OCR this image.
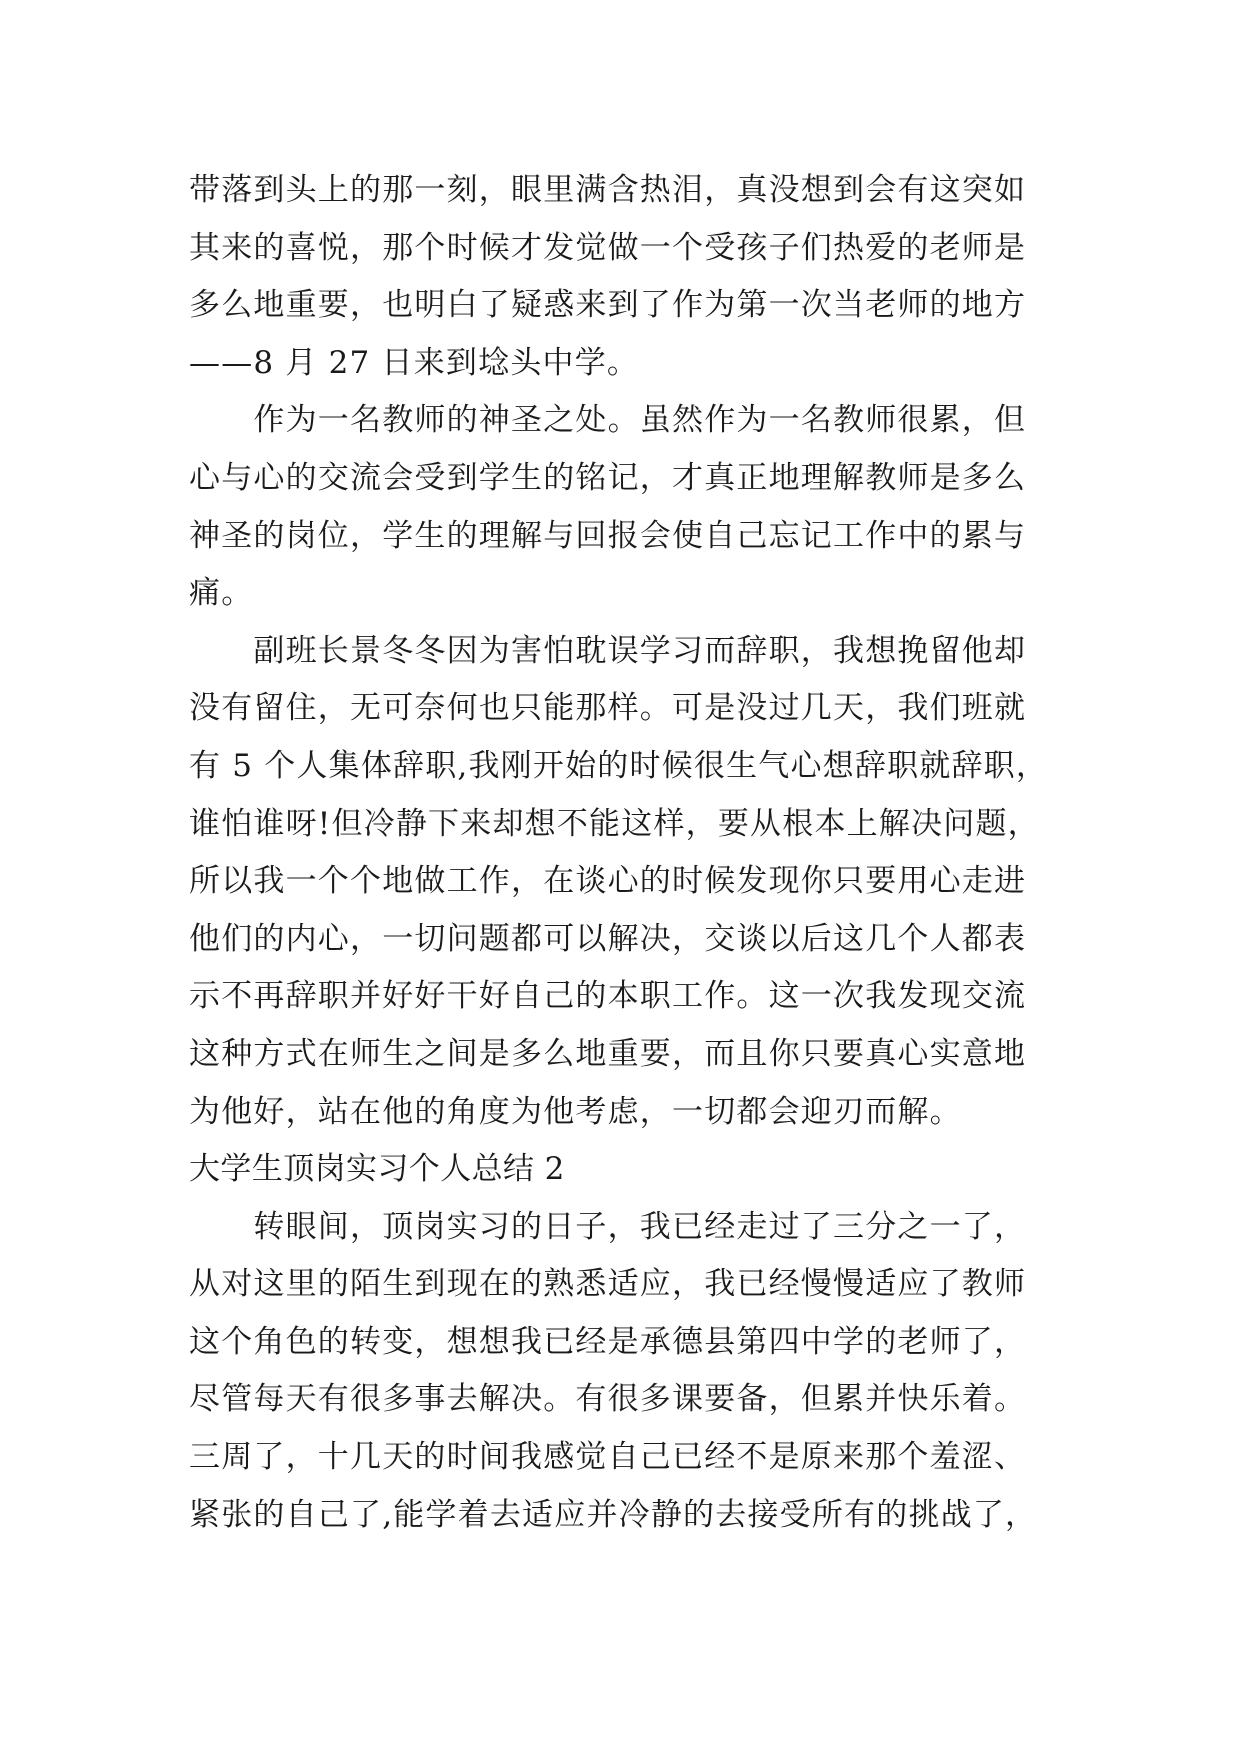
带落到头上的那一刻，眼里满含热泪，真没想到会有这突如
其来的喜悦，那个时候才发觉做一个受孩子们热爱的老师是
多么地重要，也明白了疑惑来到了作为第一次当老师的地方
——8 月 27 日来到埝头中学。
　　作为一名教师的神圣之处。虽然作为一名教师很累，但
心与心的交流会受到学生的铭记，才真正地理解教师是多么
神圣的岗位，学生的理解与回报会使自己忘记工作中的累与
痛。
　　副班长景冬冬因为害怕耽误学习而辞职，我想挽留他却
没有留住，无可奈何也只能那样。可是没过几天，我们班就
有 5 个人集体辞职,我刚开始的时候很生气心想辞职就辞职，
谁怕谁呀!但冷静下来却想不能这样，要从根本上解决问题，
所以我一个个地做工作，在谈心的时候发现你只要用心走进
他们的内心，一切问题都可以解决，交谈以后这几个人都表
示不再辞职并好好干好自己的本职工作。这一次我发现交流
这种方式在师生之间是多么地重要，而且你只要真心实意地
为他好，站在他的角度为他考虑，一切都会迎刃而解。
大学生顶岗实习个人总结 2
　　转眼间，顶岗实习的日子，我已经走过了三分之一了，
从对这里的陌生到现在的熟悉适应，我已经慢慢适应了教师
这个角色的转变，想想我已经是承德县第四中学的老师了，
尽管每天有很多事去解决。有很多课要备，但累并快乐着。
三周了，十几天的时间我感觉自己已经不是原来那个羞涩、
紧张的自己了,能学着去适应并冷静的去接受所有的挑战了，
